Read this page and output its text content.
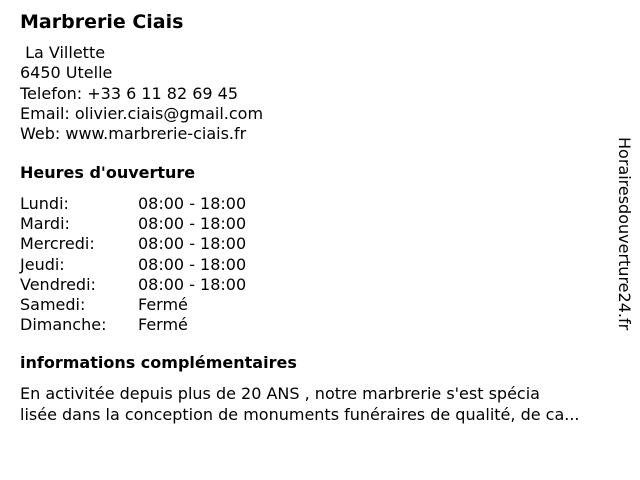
Marbrerie Ciais
La Villette
6450 Utelle
Telefon: +33 6 11 82 69 45
Email: olivier.ciais@gmail.com
Web: www.marbrerie-ciais.fr
Heures d'ouverture
Lundi:	08:00 - 18:00
Mardi:	08:00 - 18:00
Mercredi:	08:00 - 18:00
Jeudi:	08:00 - 18:00
Vendredi:	08:00 - 18:00
Samedi:	Fermé
Dimanche: Fermé
informations complémentaires
En activitée depuis plus de 20 ANS , notre marbrerie s'est spécia
lisée dans la conception de monuments funéraires de qualité, de ca...
Horairesdouverture24.fr
